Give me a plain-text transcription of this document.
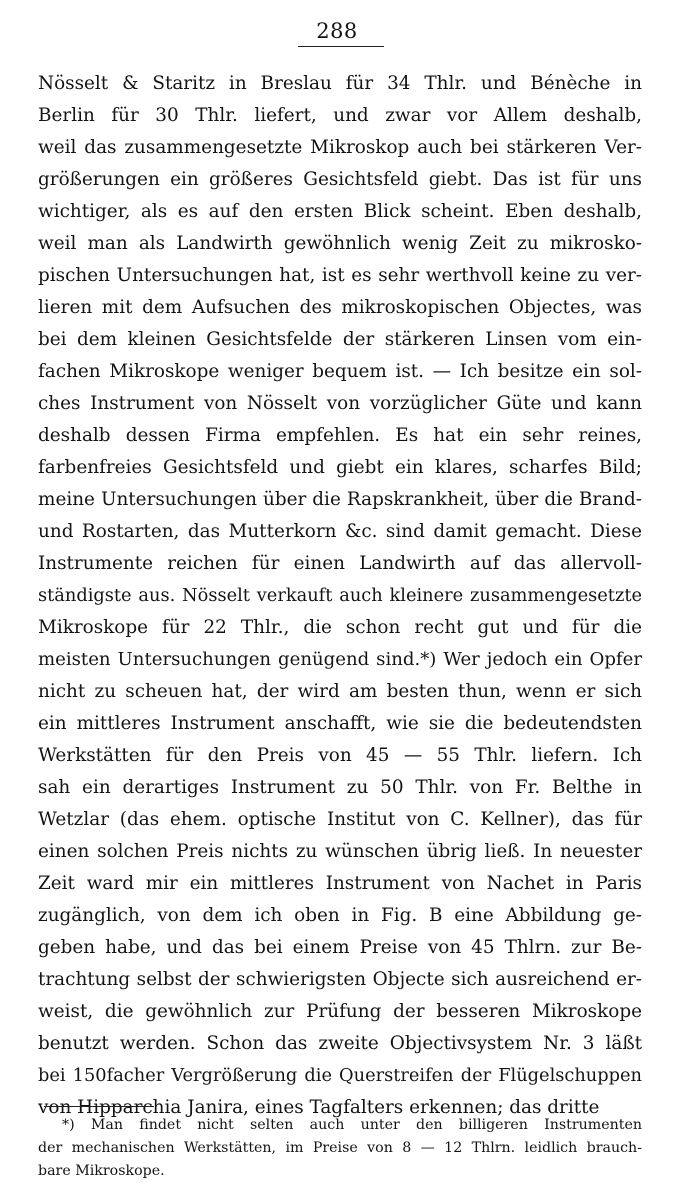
288
Nösselt & Staritz in Breslau für 34 Thlr. und Bénèche in
Berlin für 30 Thlr. liefert, und zwar vor Allem deshalb,
weil das zusammengesetzte Mikroskop auch bei stärkeren Ver-
größerungen ein größeres Gesichtsfeld giebt. Das ist für uns
wichtiger, als es auf den ersten Blick scheint. Eben deshalb,
weil man als Landwirth gewöhnlich wenig Zeit zu mikrosko-
pischen Untersuchungen hat, ist es sehr werthvoll keine zu ver-
lieren mit dem Aufsuchen des mikroskopischen Objectes, was
bei dem kleinen Gesichtsfelde der stärkeren Linsen vom ein-
fachen Mikroskope weniger bequem ist. — Ich besitze ein sol-
ches Instrument von Nösselt von vorzüglicher Güte und kann
deshalb dessen Firma empfehlen. Es hat ein sehr reines,
farbenfreies Gesichtsfeld und giebt ein klares, scharfes Bild;
meine Untersuchungen über die Rapskrankheit, über die Brand-
und Rostarten, das Mutterkorn &c. sind damit gemacht. Diese
Instrumente reichen für einen Landwirth auf das allervoll-
ständigste aus. Nösselt verkauft auch kleinere zusammengesetzte
Mikroskope für 22 Thlr., die schon recht gut und für die
meisten Untersuchungen genügend sind.*) Wer jedoch ein Opfer
nicht zu scheuen hat, der wird am besten thun, wenn er sich
ein mittleres Instrument anschafft, wie sie die bedeutendsten
Werkstätten für den Preis von 45 — 55 Thlr. liefern. Ich
sah ein derartiges Instrument zu 50 Thlr. von Fr. Belthe in
Wetzlar (das ehem. optische Institut von C. Kellner), das für
einen solchen Preis nichts zu wünschen übrig ließ. In neuester
Zeit ward mir ein mittleres Instrument von Nachet in Paris
zugänglich, von dem ich oben in Fig. B eine Abbildung ge-
geben habe, und das bei einem Preise von 45 Thlrn. zur Be-
trachtung selbst der schwierigsten Objecte sich ausreichend er-
weist, die gewöhnlich zur Prüfung der besseren Mikroskope
benutzt werden. Schon das zweite Objectivsystem Nr. 3 läßt
bei 150facher Vergrößerung die Querstreifen der Flügelschuppen
von Hipparchia Janira, eines Tagfalters erkennen; das dritte
*) Man findet nicht selten auch unter den billigeren Instrumenten
der mechanischen Werkstätten, im Preise von 8 — 12 Thlrn. leidlich brauch-
bare Mikroskope.
